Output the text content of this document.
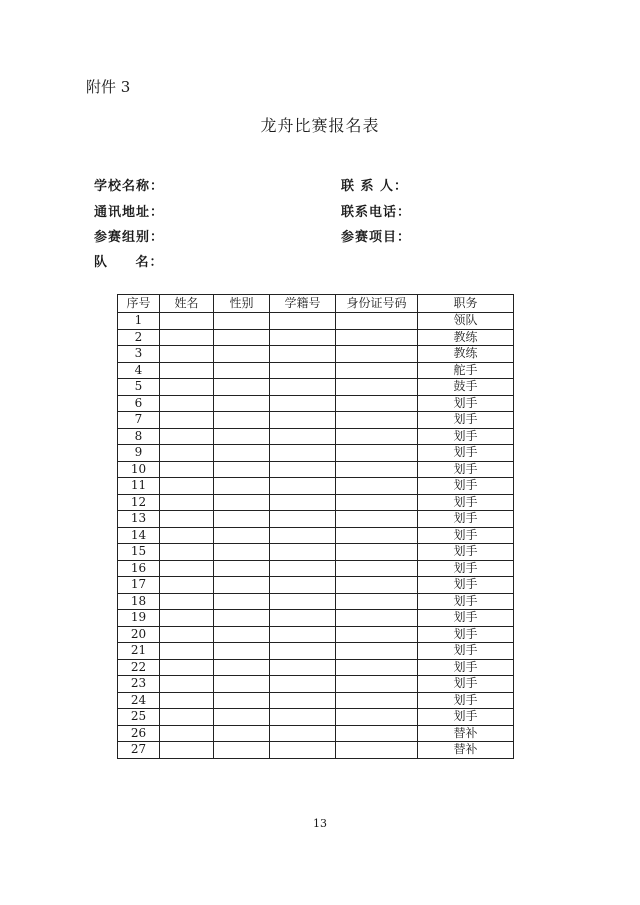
附件 3
龙舟比赛报名表
学校名称：	联 系 人：
通讯地址：	联系电话：
参赛组别：	参赛项目：
队 名：
序号	姓名	性别	学籍号	身份证号码	职务
1					领队
2					教练
3					教练
4					舵手
5					鼓手
6					划手
7					划手
8					划手
9					划手
10					划手
11					划手
12					划手
13					划手
14					划手
15					划手
16					划手
17					划手
18					划手
19					划手
20					划手
21					划手
22					划手
23					划手
24					划手
25					划手
26					替补
27					替补
13
